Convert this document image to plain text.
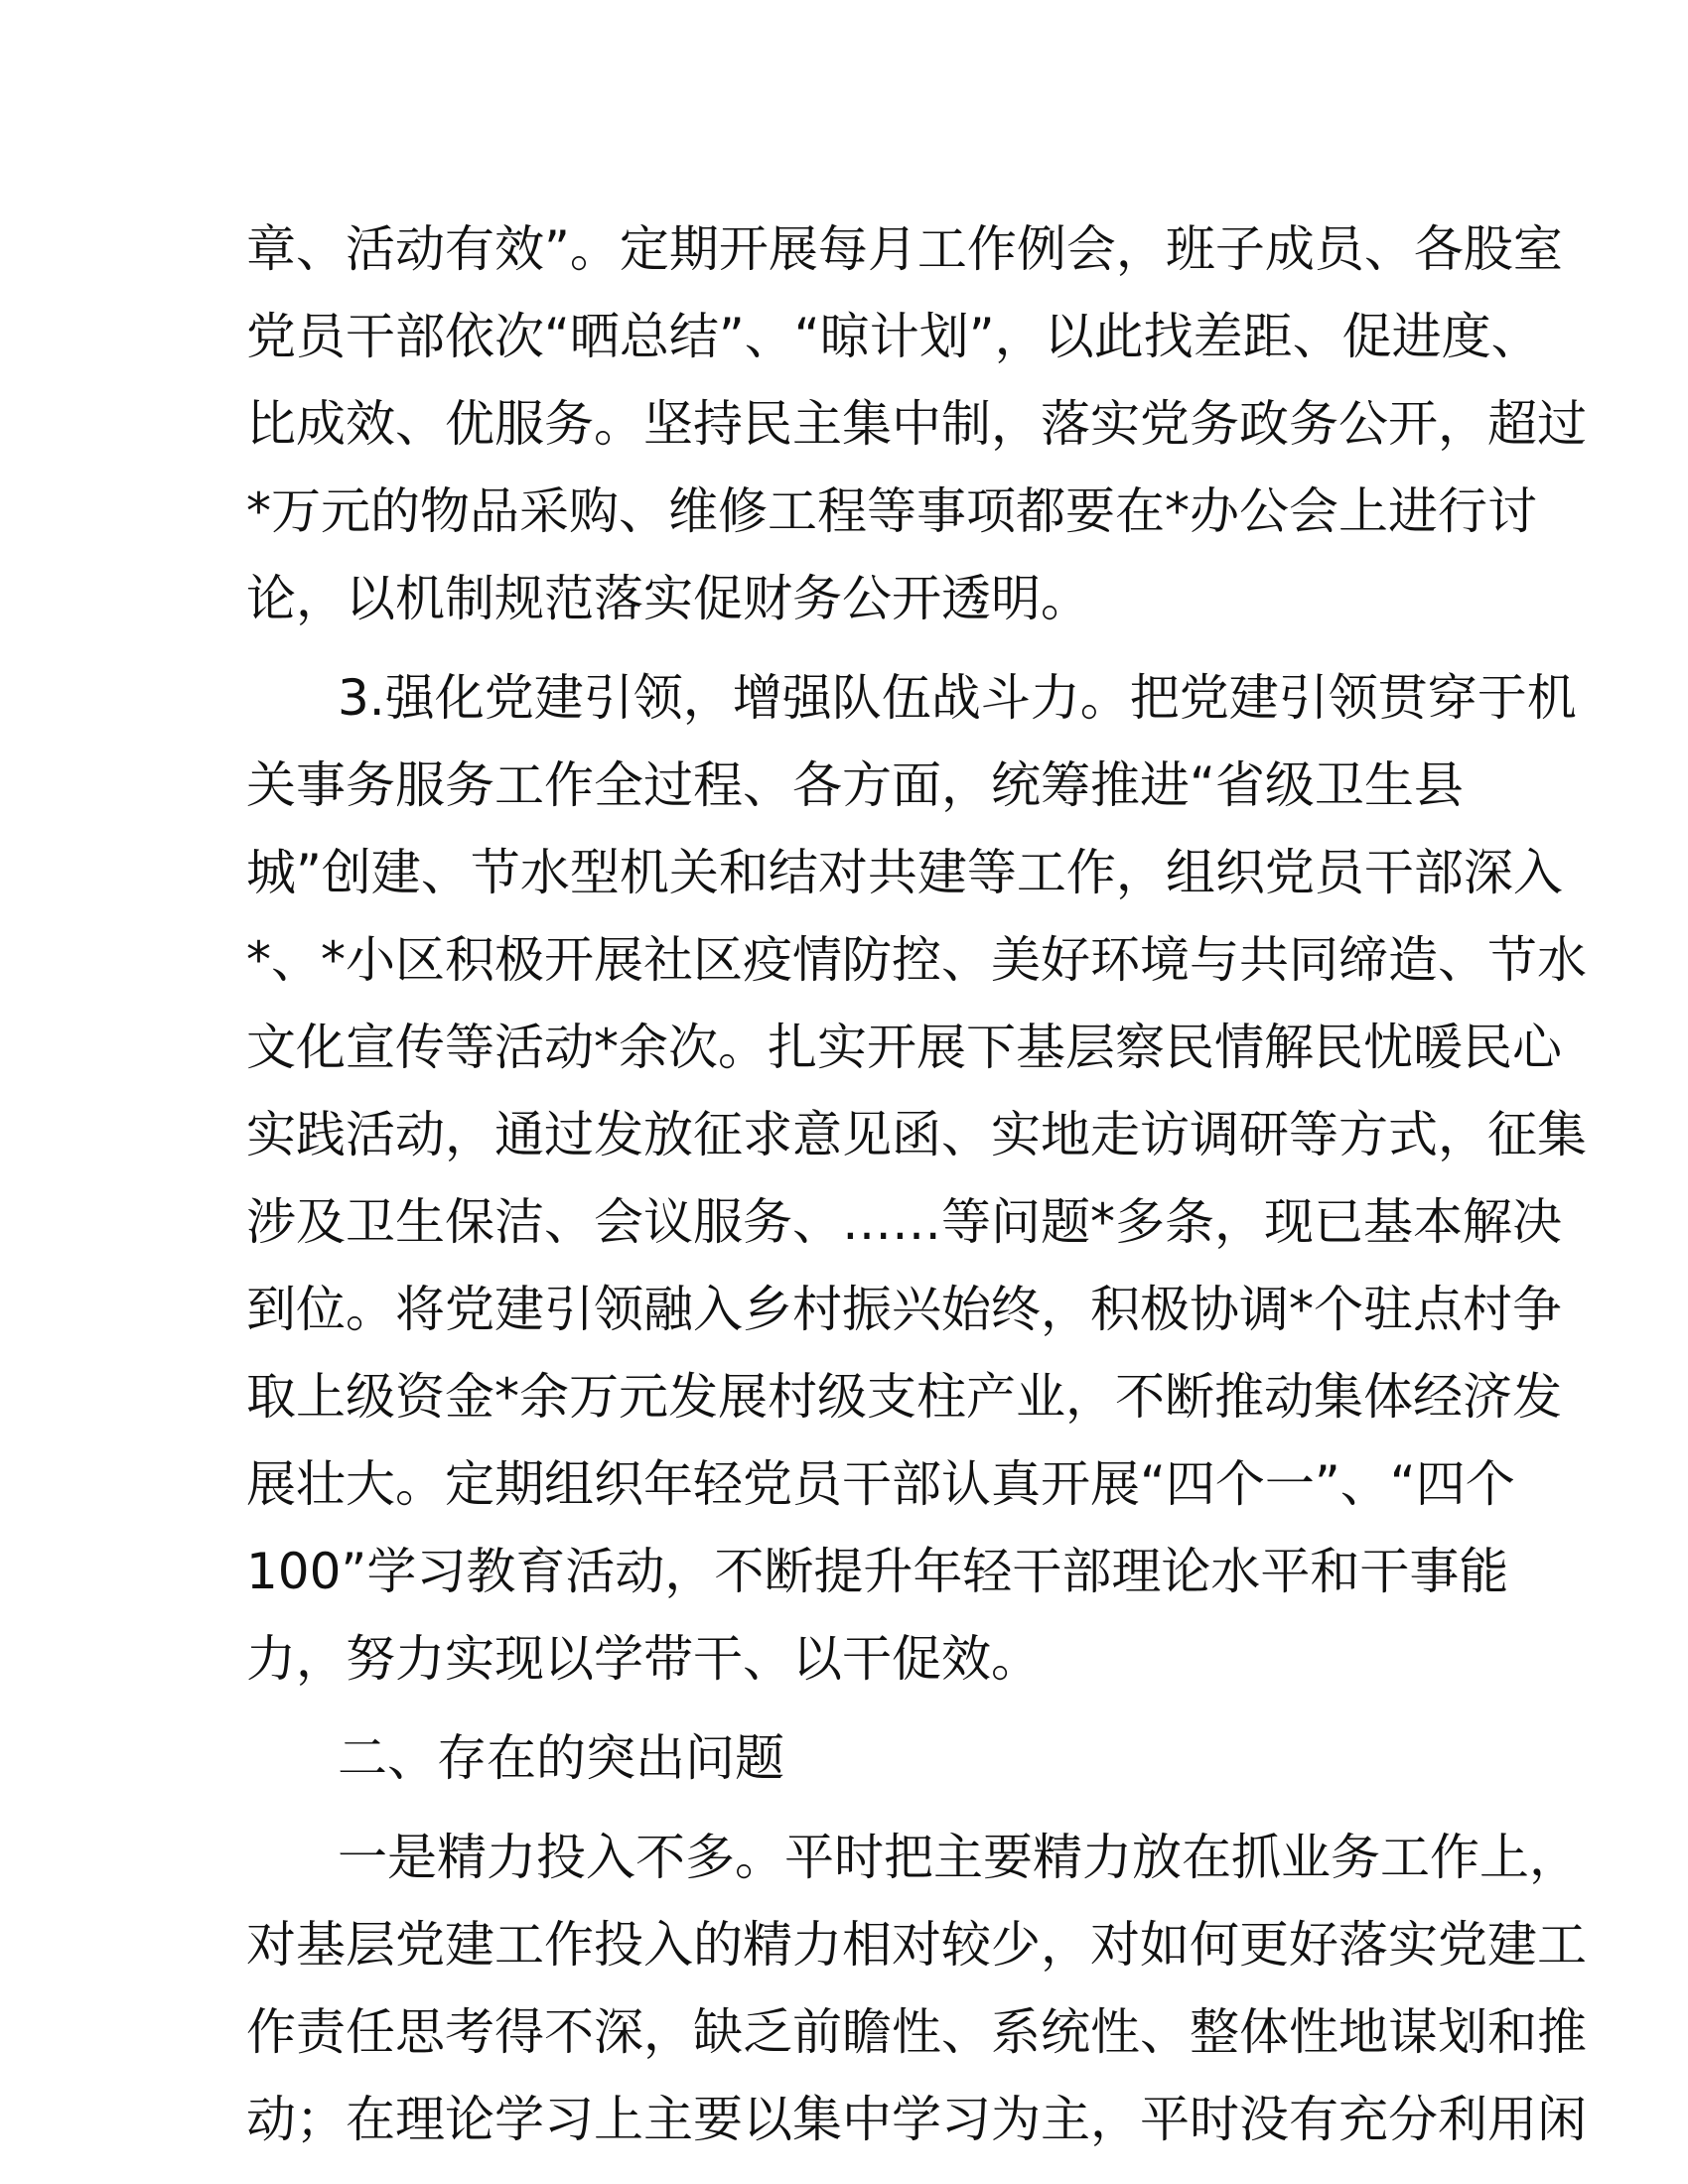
章、活动有效”。定期开展每月工作例会，班子成员、各股室
党员干部依次“晒总结”、“晾计划”，以此找差距、促进度、
比成效、优服务。坚持民主集中制，落实党务政务公开，超过
*万元的物品采购、维修工程等事项都要在*办公会上进行讨
论，以机制规范落实促财务公开透明。
3.强化党建引领，增强队伍战斗力。把党建引领贯穿于机
关事务服务工作全过程、各方面，统筹推进“省级卫生县
城”创建、节水型机关和结对共建等工作，组织党员干部深入
*、*小区积极开展社区疫情防控、美好环境与共同缔造、节水
文化宣传等活动*余次。扎实开展下基层察民情解民忧暖民心
实践活动，通过发放征求意见函、实地走访调研等方式，征集
涉及卫生保洁、会议服务、……等问题*多条，现已基本解决
到位。将党建引领融入乡村振兴始终，积极协调*个驻点村争
取上级资金*余万元发展村级支柱产业，不断推动集体经济发
展壮大。定期组织年轻党员干部认真开展“四个一”、“四个
100”学习教育活动，不断提升年轻干部理论水平和干事能
力，努力实现以学带干、以干促效。
二、存在的突出问题
一是精力投入不多。平时把主要精力放在抓业务工作上，
对基层党建工作投入的精力相对较少，对如何更好落实党建工
作责任思考得不深，缺乏前瞻性、系统性、整体性地谋划和推
动；在理论学习上主要以集中学习为主，平时没有充分利用闲
